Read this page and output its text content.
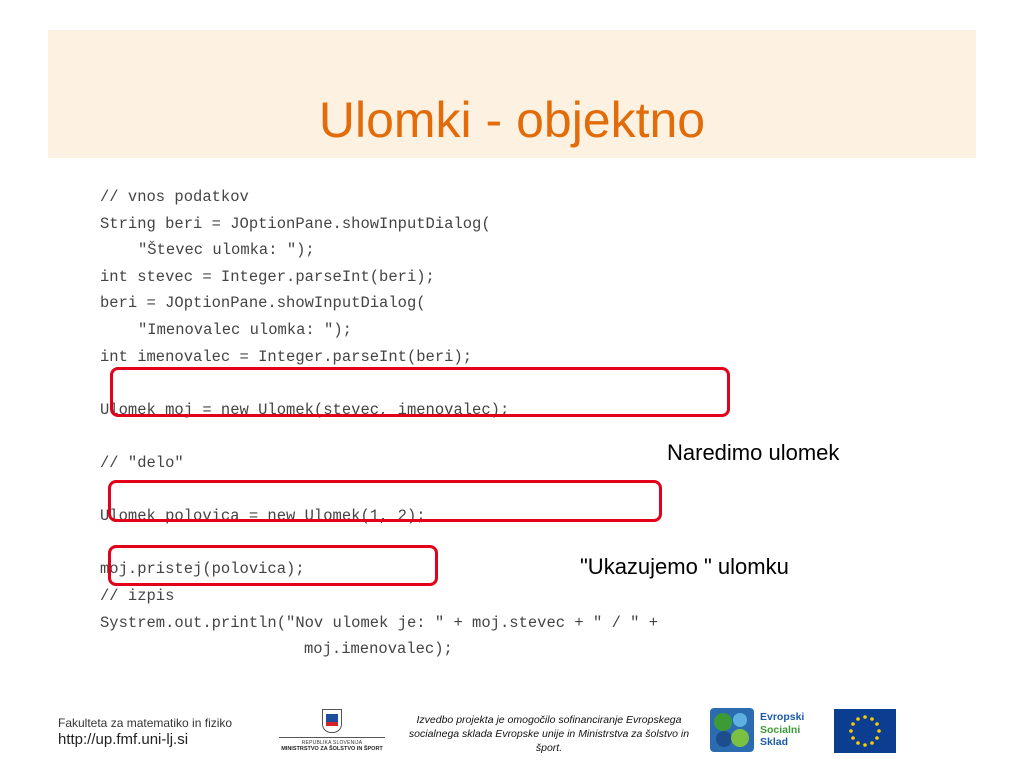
Ulomki - objektno
// vnos podatkov
String beri = JOptionPane.showInputDialog(
"Števec ulomka: ");
int stevec = Integer.parseInt(beri);
beri = JOptionPane.showInputDialog(
"Imenovalec ulomka: ");
int imenovalec = Integer.parseInt(beri);
Ulomek moj = new Ulomek(stevec, imenovalec);
// "delo"
Ulomek polovica = new Ulomek(1, 2);
moj.pristej(polovica);
// izpis
Systrem.out.println("Nov ulomek je: " + moj.stevec + " / " +
moj.imenovalec);
Naredimo ulomek
"Ukazujemo " ulomku
Fakulteta za matematiko in fiziko
http://up.fmf.uni-lj.si	REPUBLIKA SLOVENIJA
MINISTRSTVO ZA ŠOLSTVO IN ŠPORT
Izvedbo projekta je omogočilo sofinanciranje Evropskega socialnega sklada Evropske unije in Ministrstva za šolstvo in šport.
Evropski
Socialni
Sklad
